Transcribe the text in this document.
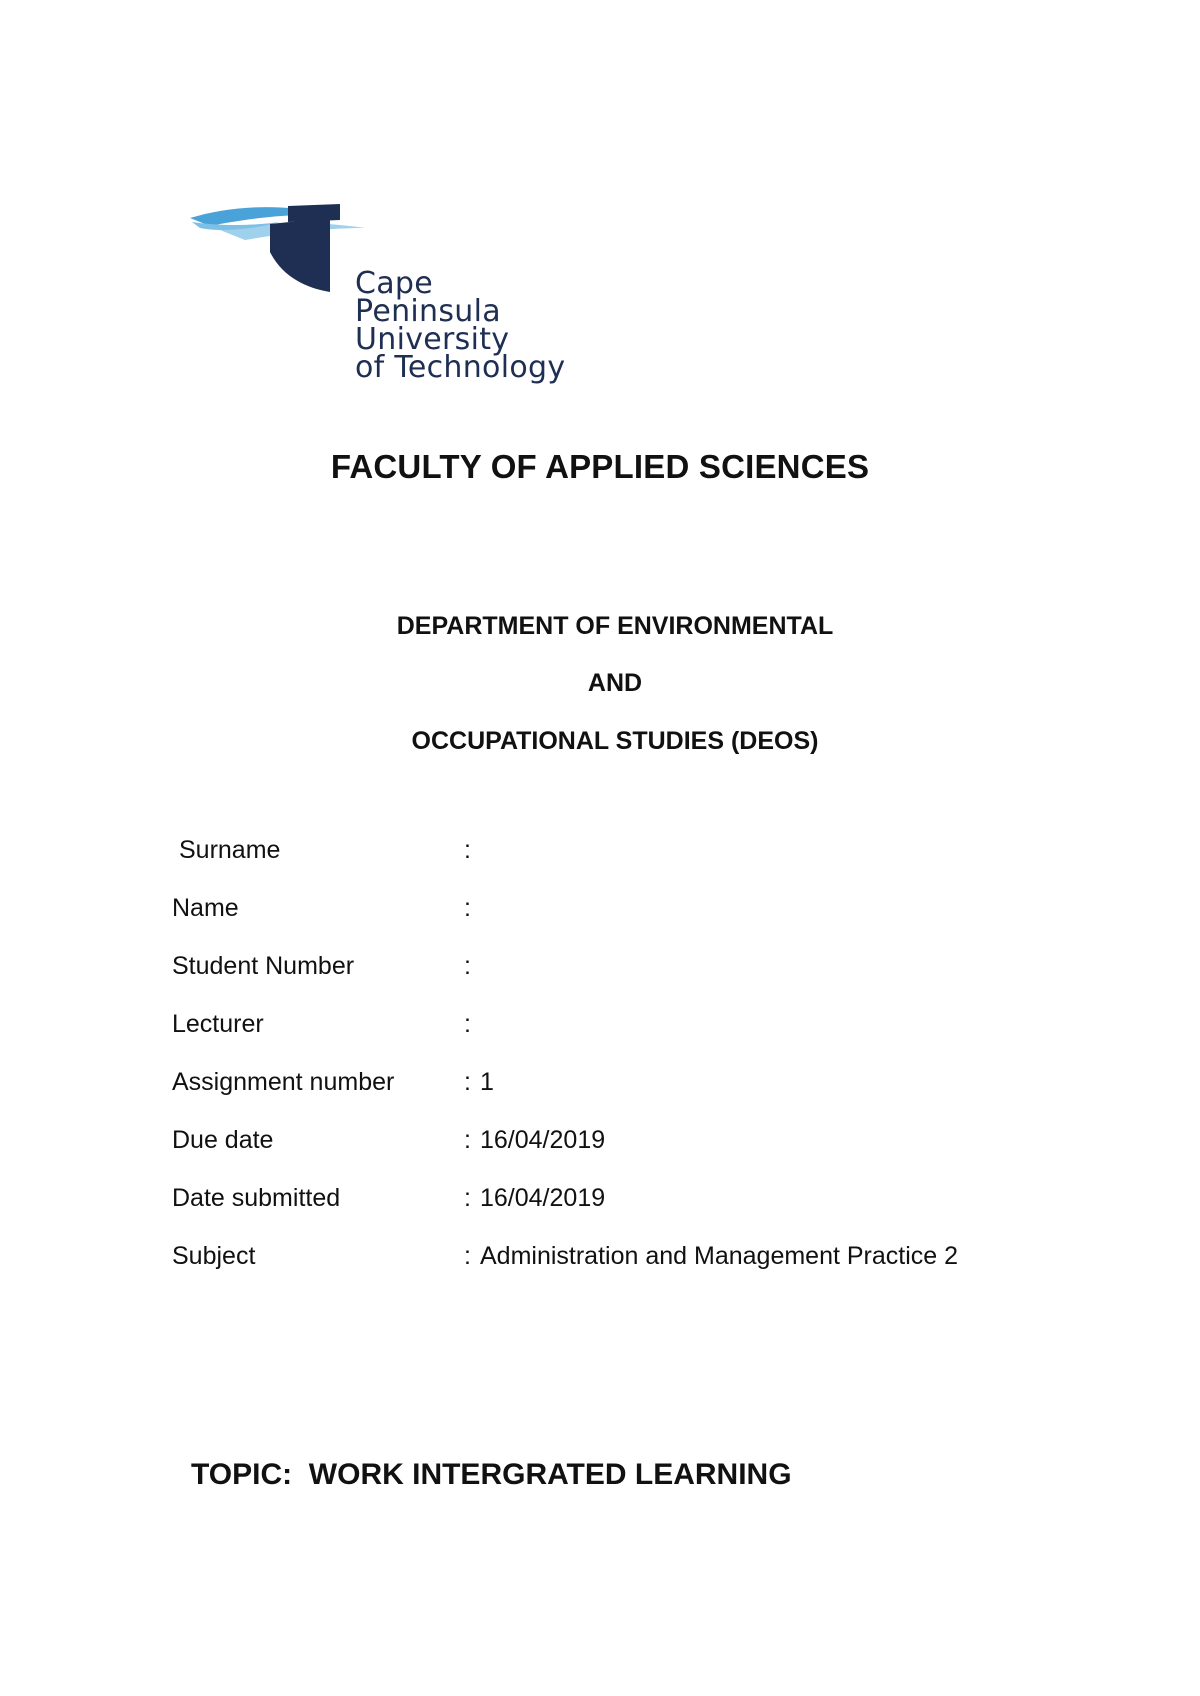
Cape
Peninsula
University
of Technology
FACULTY OF APPLIED SCIENCES
DEPARTMENT OF ENVIRONMENTAL
AND
OCCUPATIONAL STUDIES (DEOS)
Surname	:
Name	:
Student Number	:
Lecturer	:
Assignment number	: 1
Due date	: 16/04/2019
Date submitted	: 16/04/2019
Subject	: Administration and Management Practice 2
TOPIC:  WORK INTERGRATED LEARNING
